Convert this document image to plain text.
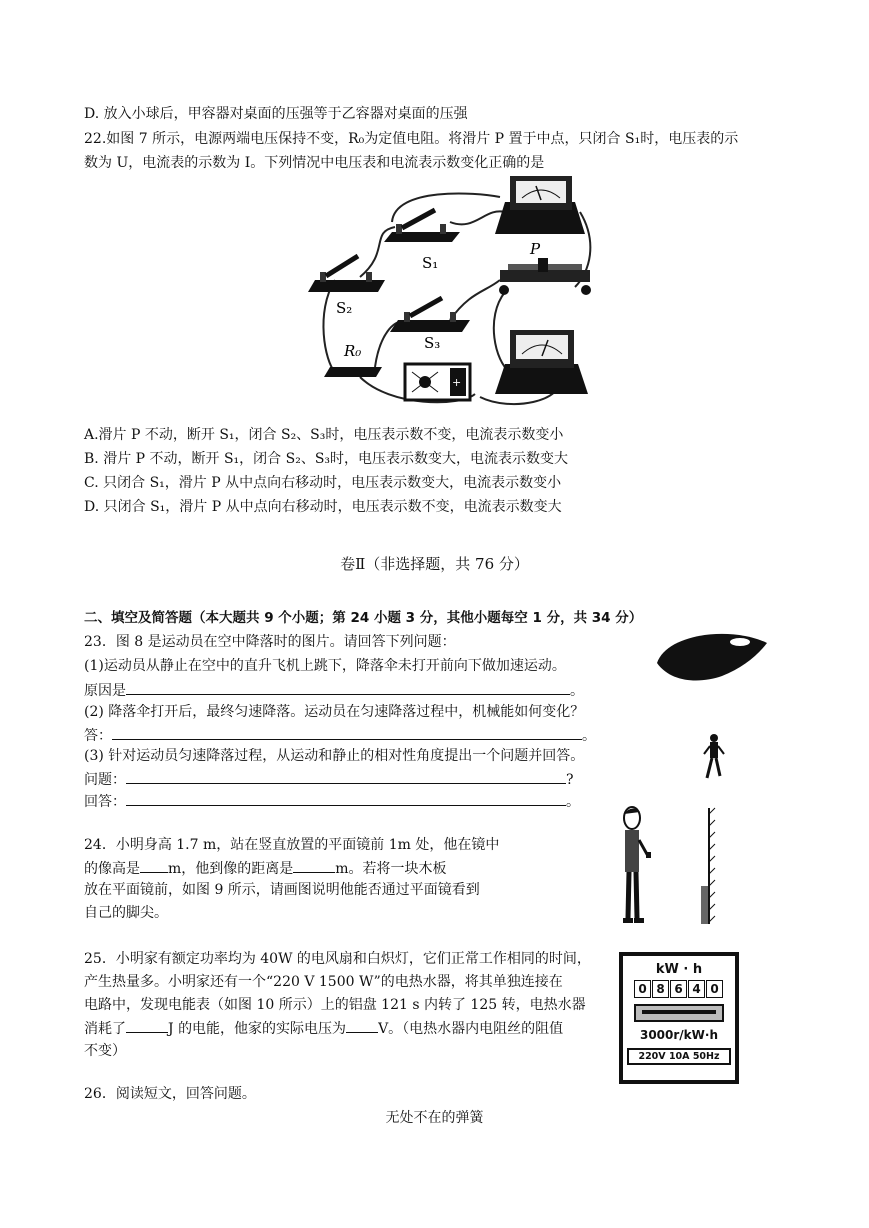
D. 放入小球后，甲容器对桌面的压强等于乙容器对桌面的压强
22.如图 7 所示，电源两端电压保持不变，R₀为定值电阻。将滑片 P 置于中点，只闭合 S₁时，电压表的示
数为 U，电流表的示数为 I。下列情况中电压表和电流表示数变化正确的是
S₁
S₂
S₃
R₀
+
P
A.滑片 P 不动，断开 S₁，闭合 S₂、S₃时，电压表示数不变，电流表示数变小
B. 滑片 P 不动，断开 S₁，闭合 S₂、S₃时，电压表示数变大，电流表示数变大
C. 只闭合 S₁，滑片 P 从中点向右移动时，电压表示数变大，电流表示数变小
D. 只闭合 S₁，滑片 P 从中点向右移动时，电压表示数不变，电流表示数变大
卷Ⅱ（非选择题，共 76 分）
二、填空及简答题（本大题共 9 个小题；第 24 小题 3 分，其他小题每空 1 分，共 34 分）
23．图 8 是运动员在空中降落时的图片。请回答下列问题：
(1)运动员从静止在空中的直升飞机上跳下，降落伞未打开前向下做加速运动。
原因是	。
(2) 降落伞打开后，最终匀速降落。运动员在匀速降落过程中，机械能如何变化？
答：	。
(3) 针对运动员匀速降落过程，从运动和静止的相对性角度提出一个问题并回答。
问题：	?
回答：	。
24．小明身高 1.7 m，站在竖直放置的平面镜前 1m 处，他在镜中
的像高是 m，他到像的距离是	m。若将一块木板
放在平面镜前，如图 9 所示，请画图说明他能否通过平面镜看到
自己的脚尖。
25．小明家有额定功率均为 40W 的电风扇和白炽灯，它们正常工作相同的时间，
产生热量多。小明家还有一个“220 V 1500 W”的电热水器，将其单独连接在
电路中，发现电能表（如图 10 所示）上的铝盘 121 s 内转了 125 转，电热水器
消耗了	J 的电能，他家的实际电压为 V。（电热水器内电阻丝的阻值
不变）
kW · h
0 8 6 4 0
3000r/kW·h
220V 10A 50Hz
26．阅读短文，回答问题。
无处不在的弹簧
